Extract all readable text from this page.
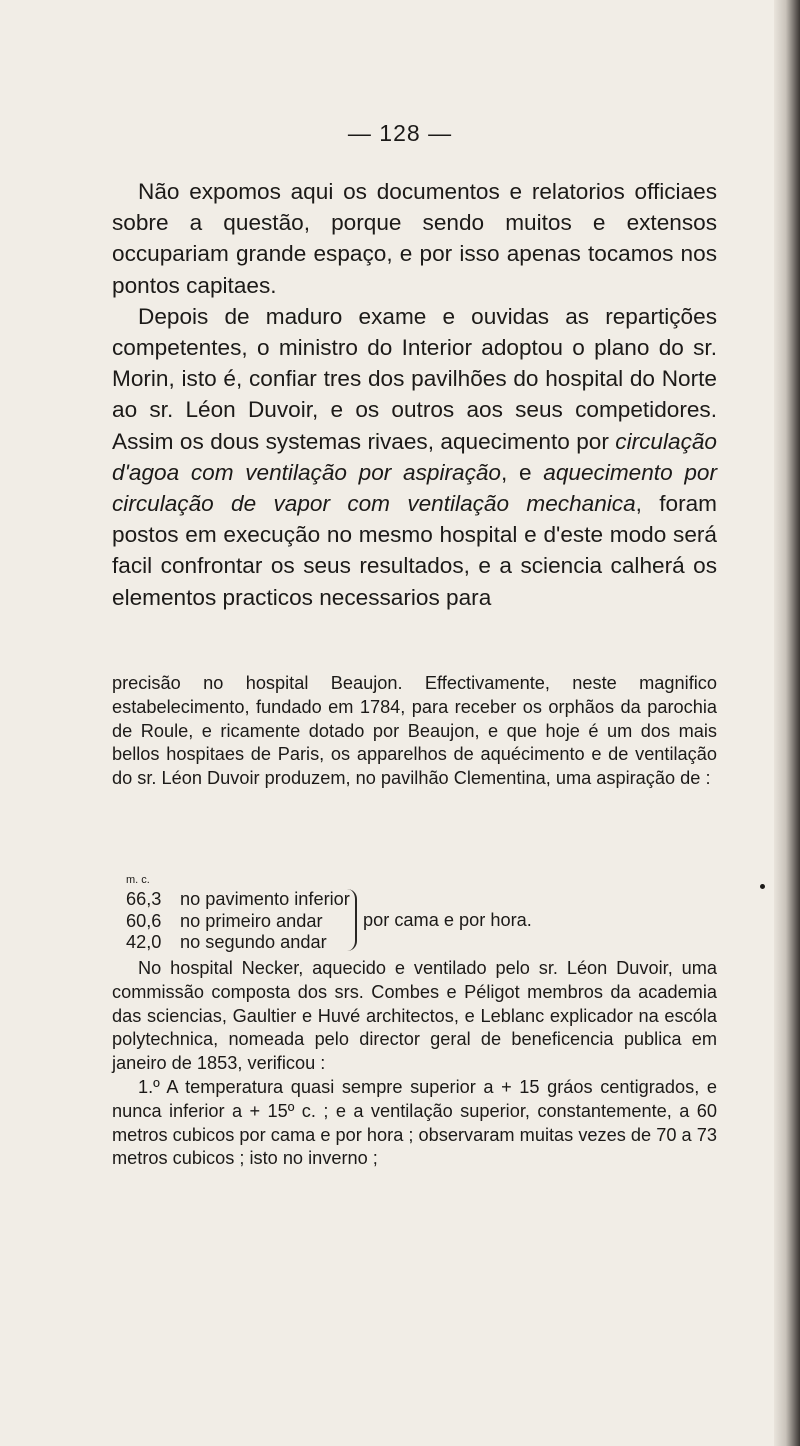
— 128 —

Não expomos aqui os documentos e relatorios officiaes sobre a questão, porque sendo muitos e extensos occupariam grande espaço, e por isso apenas tocamos nos pontos capitaes.

Depois de maduro exame e ouvidas as repartições competentes, o ministro do Interior adoptou o plano do sr. Morin, isto é, confiar tres dos pavilhões do hospital do Norte ao sr. Léon Duvoir, e os outros aos seus competidores. Assim os dous systemas rivaes, aquecimento por circulação d'agoa com ventilação por aspiração, e aquecimento por circulação de vapor com ventilação mechanica, foram postos em execução no mesmo hospital e d'este modo será facil confrontar os seus resultados, e a sciencia calherá os elementos practicos necessarios para

precisão no hospital Beaujon. Effectivamente, neste magnifico estabelecimento, fundado em 1784, para receber os orphãos da parochia de Roule, e ricamente dotado por Beaujon, e que hoje é um dos mais bellos hospitaes de Paris, os apparelhos de aquécimento e de ventilação do sr. Léon Duvoir produzem, no pavilhão Clementina, uma aspiração de :

m. c.
66,3	no pavimento inferior
60,6	no primeiro andar
42,0	no segundo andar
por cama e por hora.

No hospital Necker, aquecido e ventilado pelo sr. Léon Duvoir, uma commissão composta dos srs. Combes e Péligot membros da academia das sciencias, Gaultier e Huvé architectos, e Leblanc explicador na escóla polytechnica, nomeada pelo director geral de beneficencia publica em janeiro de 1853, verificou :

1.º A temperatura quasi sempre superior a + 15 gráos centigrados, e nunca inferior a + 15º c. ; e a ventilação superior, constantemente, a 60 metros cubicos por cama e por hora ; observaram muitas vezes de 70 a 73 metros cubicos ; isto no inverno ;
